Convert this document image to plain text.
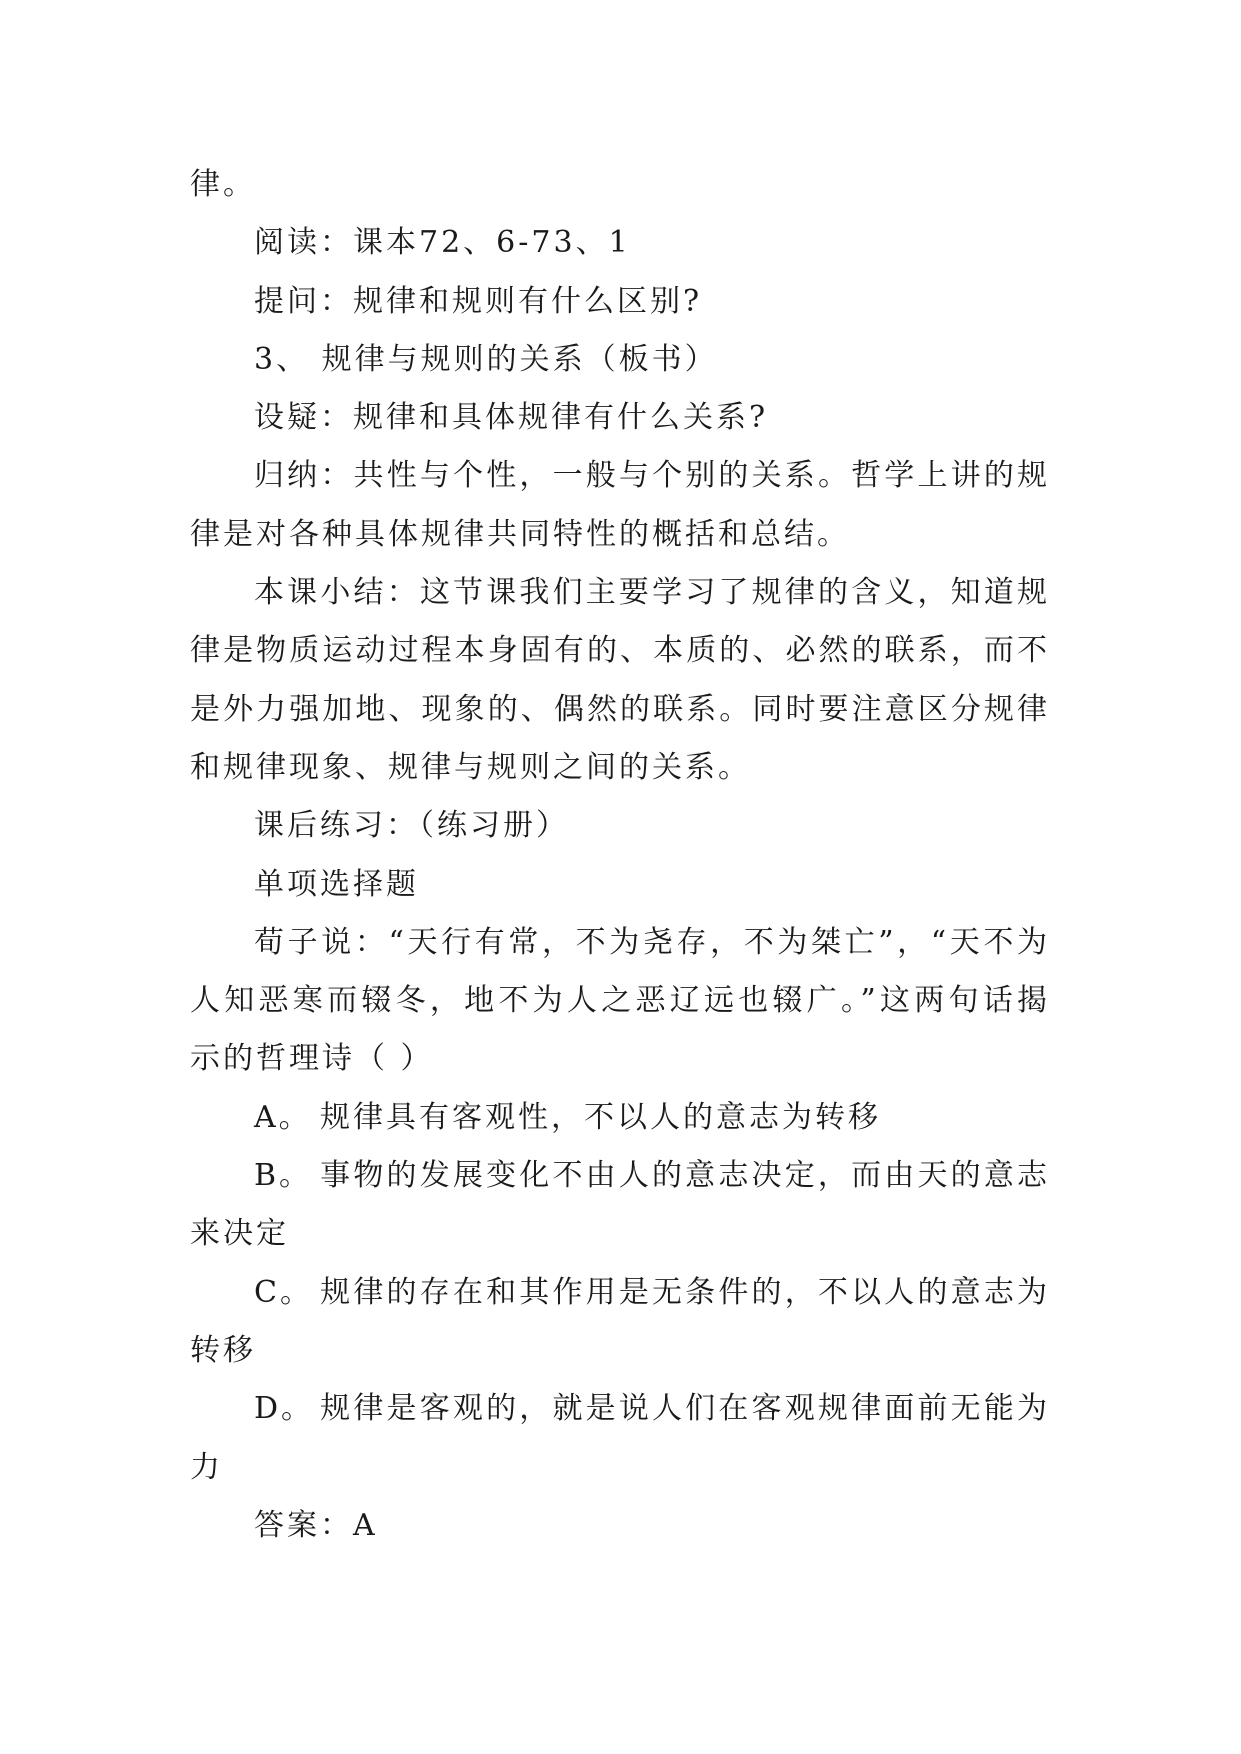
律。

阅读：课本72、6-73、1

提问：规律和规则有什么区别?

3、 规律与规则的关系（板书）

设疑：规律和具体规律有什么关系?

归纳：共性与个性，一般与个别的关系。哲学上讲的规律是对各种具体规律共同特性的概括和总结。

本课小结：这节课我们主要学习了规律的含义，知道规律是物质运动过程本身固有的、本质的、必然的联系，而不是外力强加地、现象的、偶然的联系。同时要注意区分规律和规律现象、规律与规则之间的关系。

课后练习：（练习册）

单项选择题

荀子说：“天行有常，不为尧存，不为桀亡”，“天不为人知恶寒而辍冬，地不为人之恶辽远也辍广。”这两句话揭示的哲理诗（ ）

A。 规律具有客观性，不以人的意志为转移

B。 事物的发展变化不由人的意志决定，而由天的意志来决定

C。 规律的存在和其作用是无条件的，不以人的意志为转移

D。 规律是客观的，就是说人们在客观规律面前无能为力

答案：A
